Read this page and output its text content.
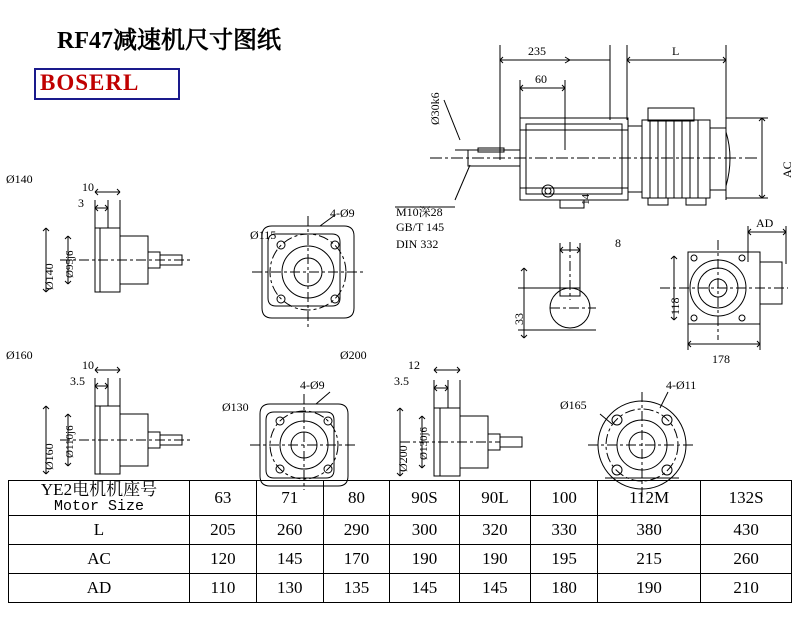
RF47减速机尺寸图纸
BOSERL
235	L
60
Ø30k6
14
M10深28
GB/T 145
DIN 332
AC
AD
8
33
118
178
Ø140
10
3
Ø140 Ø95j6
Ø115
4-Ø9
Ø160
10
3.5
Ø160 Ø110j6
Ø130
4-Ø9
Ø200
12
3.5
Ø200 Ø130j6
Ø165
4-Ø11
YE2电机机座号
Motor Size	63	71	80	90S	90L	100	112M	132S
L	205	260	290	300	320	330	380	430
AC	120	145	170	190	190	195	215	260
AD	110	130	135	145	145	180	190	210
